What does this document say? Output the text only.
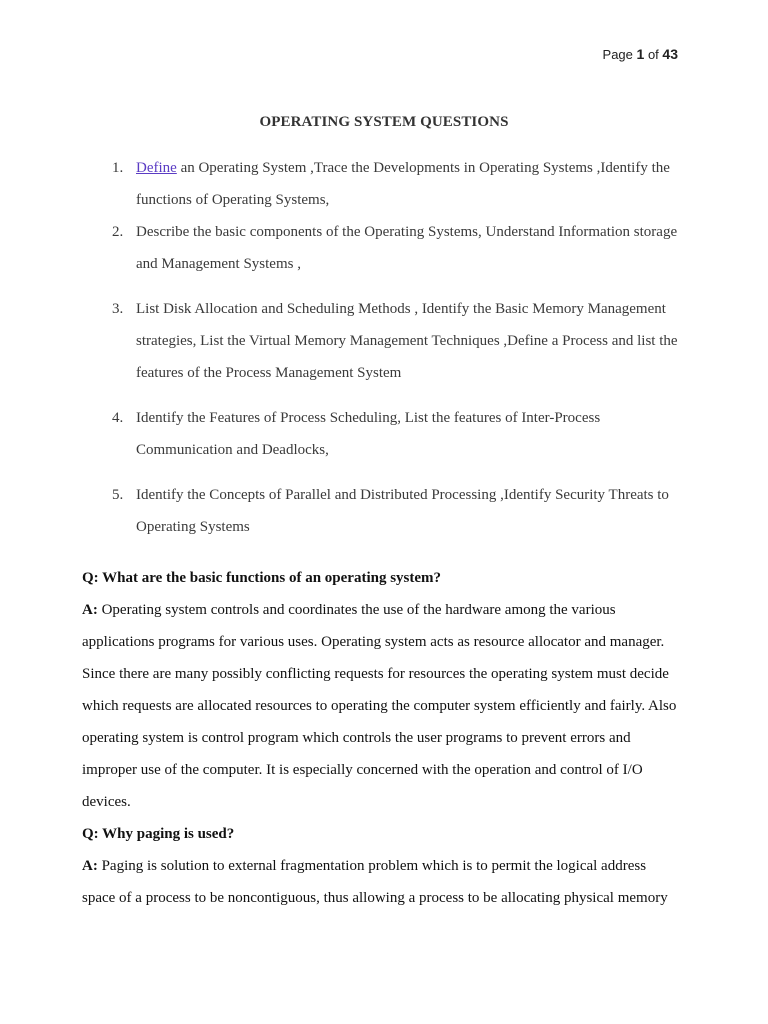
Page 1 of 43
OPERATING SYSTEM QUESTIONS
1. Define an Operating System ,Trace the Developments in Operating Systems ,Identify the functions of Operating Systems,
2. Describe the basic components of the Operating Systems, Understand Information storage and Management Systems ,
3. List Disk Allocation and Scheduling Methods , Identify the Basic Memory Management strategies, List the Virtual Memory Management Techniques ,Define a Process and list the features of the Process Management System
4. Identify the Features of Process Scheduling, List the features of Inter-Process Communication and Deadlocks,
5. Identify the Concepts of Parallel and Distributed Processing ,Identify Security Threats to Operating Systems

Q: What are the basic functions of an operating system?

A: Operating system controls and coordinates the use of the hardware among the various applications programs for various uses. Operating system acts as resource allocator and manager. Since there are many possibly conflicting requests for resources the operating system must decide which requests are allocated resources to operating the computer system efficiently and fairly. Also operating system is control program which controls the user programs to prevent errors and improper use of the computer. It is especially concerned with the operation and control of I/O devices.

Q: Why paging is used?

A: Paging is solution to external fragmentation problem which is to permit the logical address space of a process to be noncontiguous, thus allowing a process to be allocating physical memory
